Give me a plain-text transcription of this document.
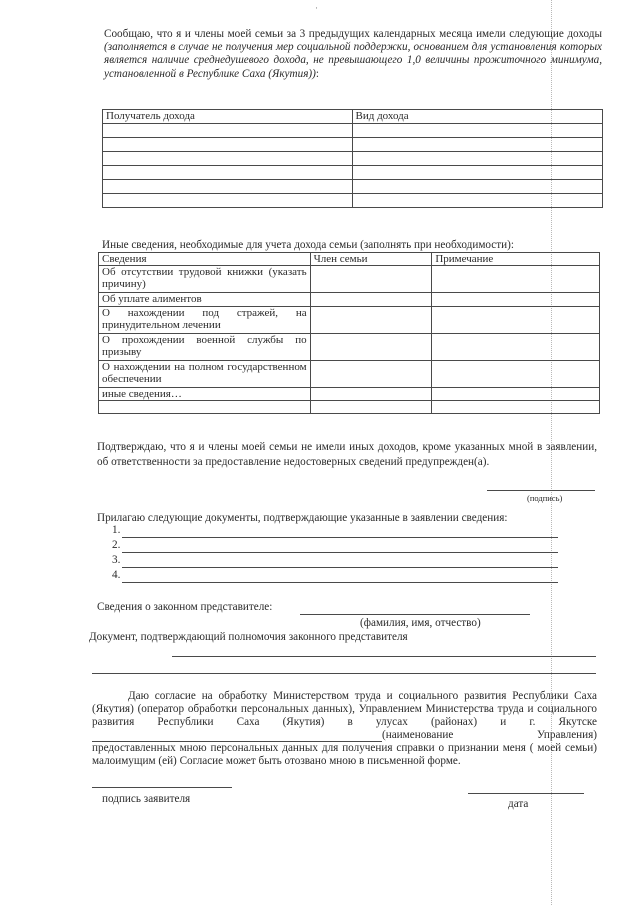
·
Сообщаю, что я и члены моей семьи за 3 предыдущих календарных месяца имели следующие доходы (заполняется в случае не получения мер социальной поддержки, основанием для установления которых является наличие среднедушевого дохода, не превышающего 1,0 величины прожиточного минимума, установленной в Республике Саха (Якутия)):
Получатель дохода	Вид дохода

Иные сведения, необходимые для учета дохода семьи (заполнять при необходимости):
Сведения	Член семьи	Примечание
Об отсутствии трудовой книжки (указать причину)		
Об уплате алиментов		
О нахождении под стражей, на принудительном лечении		
О прохождении военной службы по призыву		
О нахождении на полном государственном обеспечении		
иные сведения…		

Подтверждаю, что я и члены моей семьи не имели иных доходов, кроме указанных мной в заявлении, об ответственности за предоставление недостоверных сведений предупрежден(а).
(подпись)
Прилагаю следующие документы, подтверждающие указанные в заявлении сведения:
1.
2.
3.
4.
Сведения о законном представителе:
(фамилия, имя, отчество)
Документ, подтверждающий полномочия законного представителя
Даю согласие на обработку Министерством труда и социального развития Республики Саха (Якутия) (оператор обработки персональных данных), Управлением Министерства труда и социального развития Республики Саха (Якутия) в улусах (районах) и г. Якутске  (наименование Управления) предоставленных мною персональных данных для получения справки о признании меня ( моей семьи) малоимущим (ей) Согласие может быть отозвано мною в письменной форме.
подпись заявителя	дата
